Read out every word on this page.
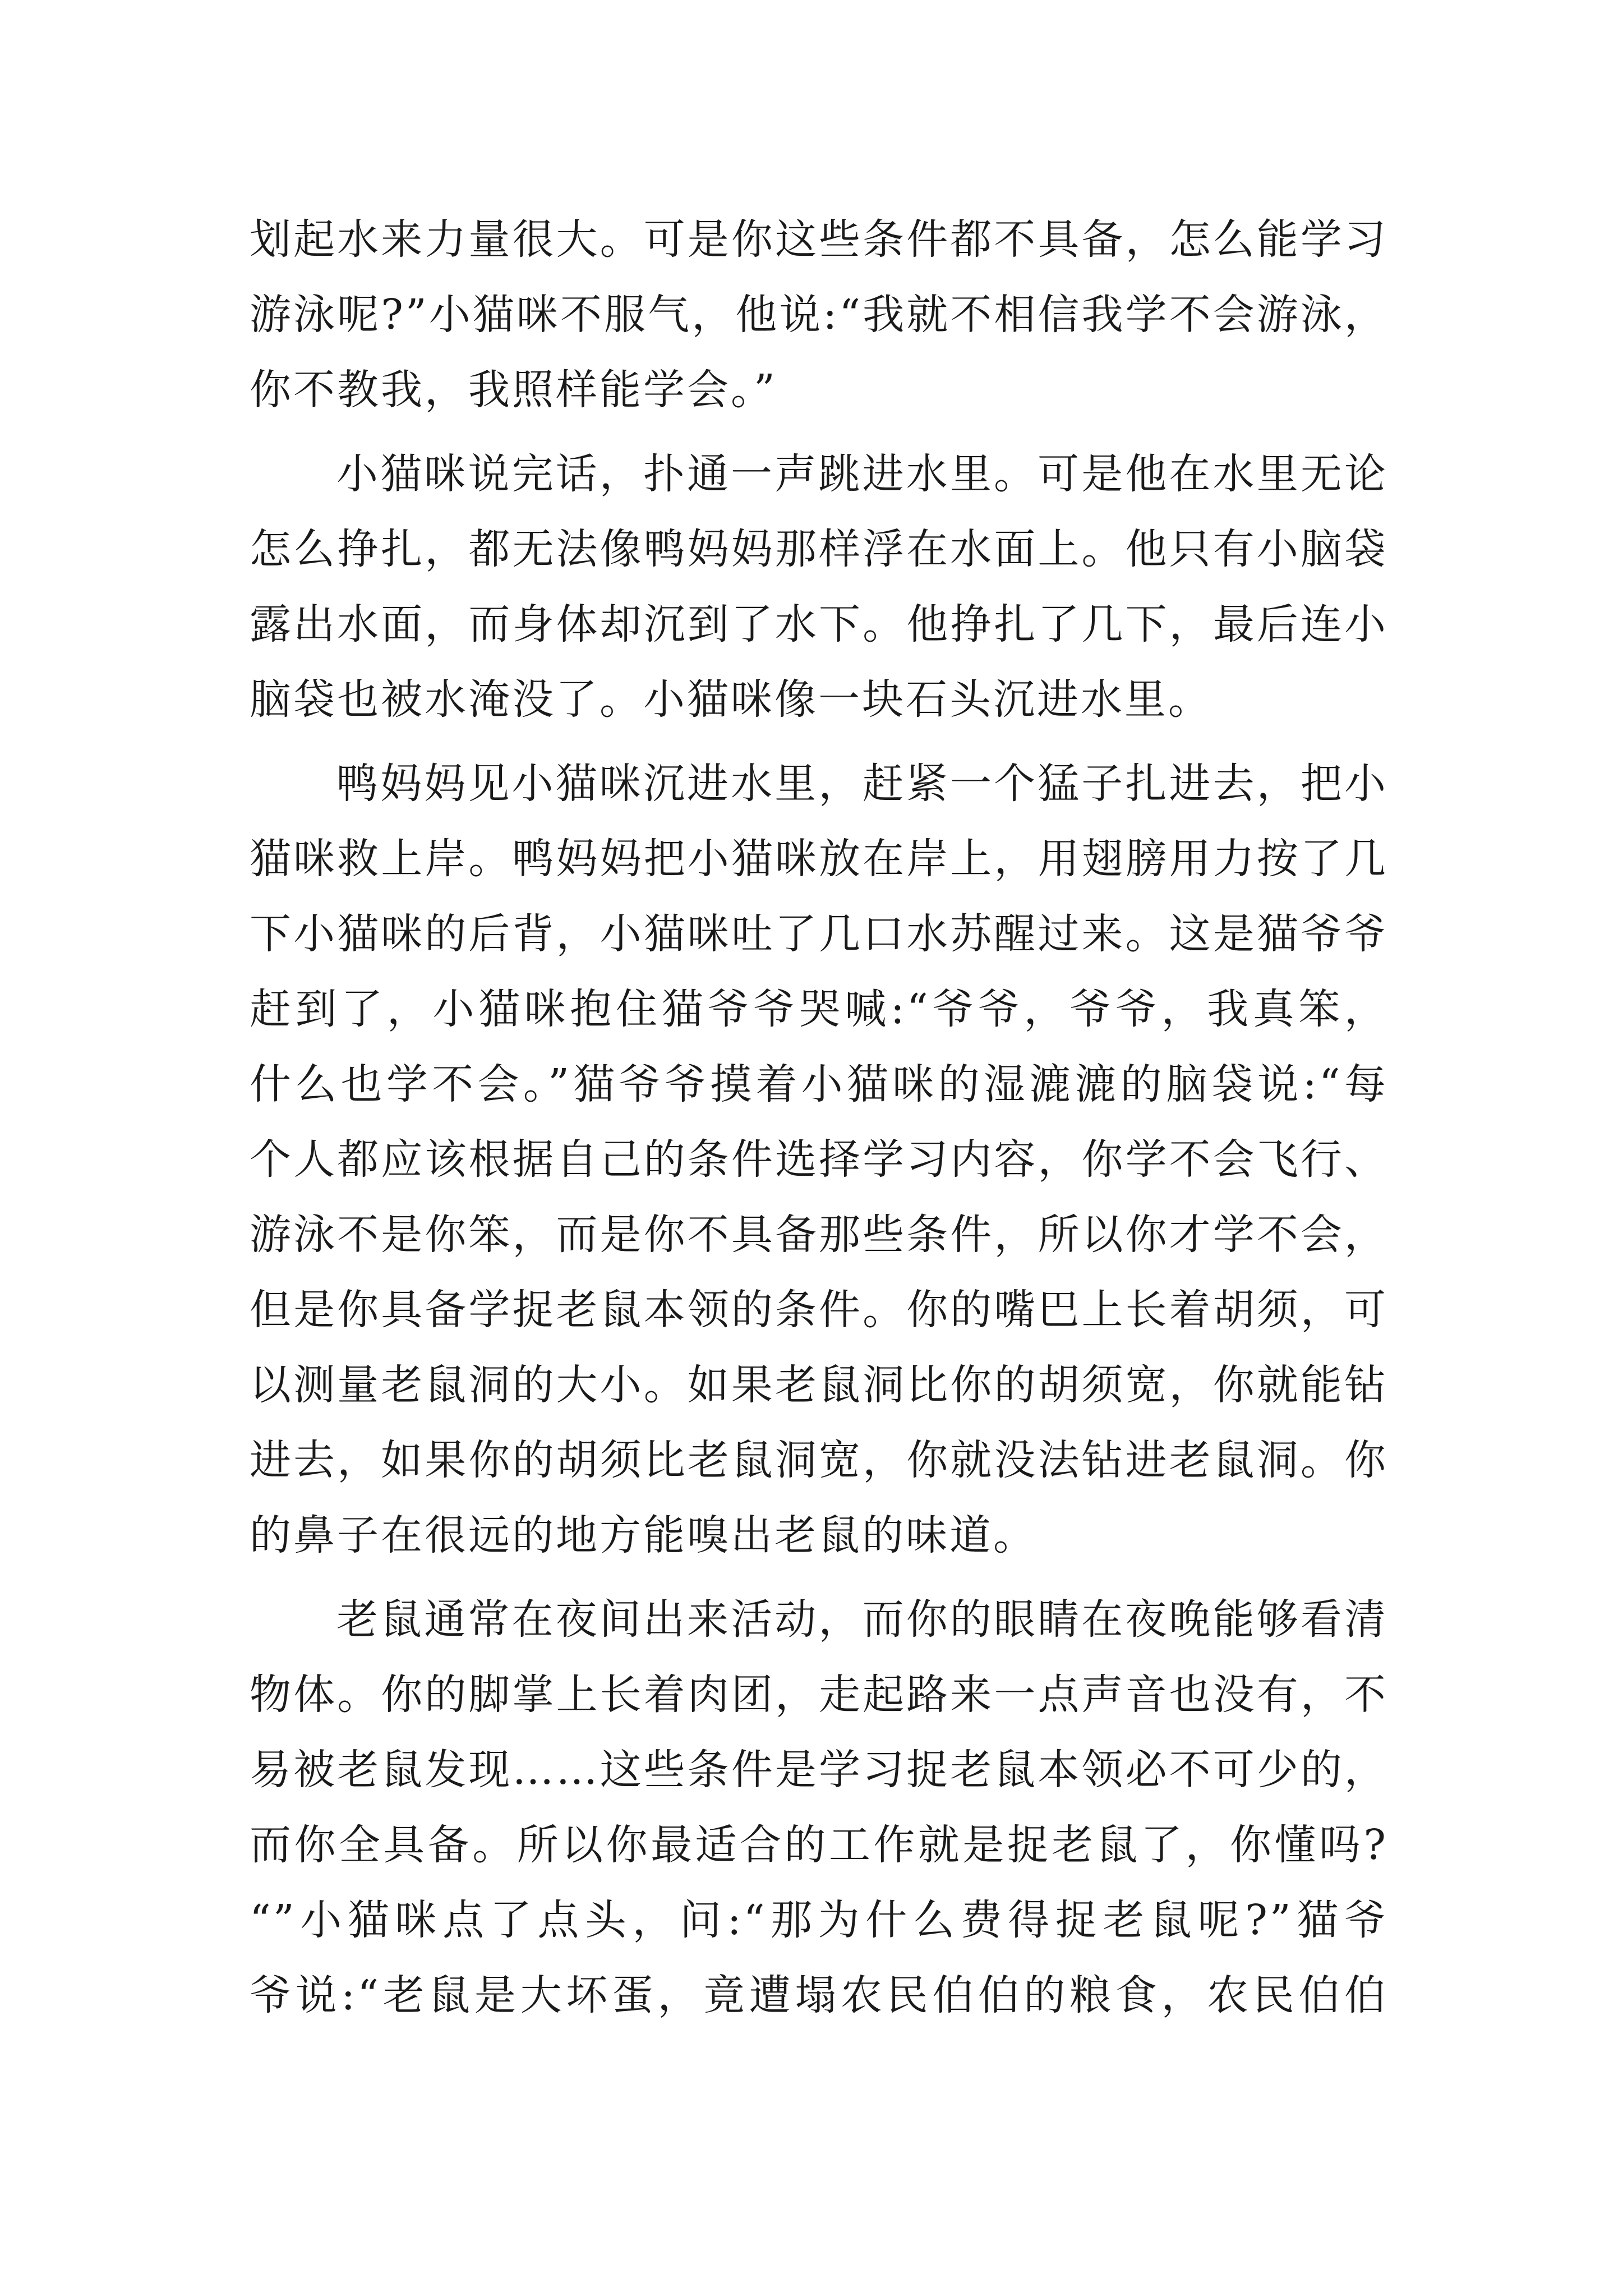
划起水来力量很大。可是你这些条件都不具备，怎么能学习
游泳呢?”小猫咪不服气，他说:“我就不相信我学不会游泳，
你不教我，我照样能学会。”
小猫咪说完话，扑通一声跳进水里。可是他在水里无论
怎么挣扎，都无法像鸭妈妈那样浮在水面上。他只有小脑袋
露出水面，而身体却沉到了水下。他挣扎了几下，最后连小
脑袋也被水淹没了。小猫咪像一块石头沉进水里。
鸭妈妈见小猫咪沉进水里，赶紧一个猛子扎进去，把小
猫咪救上岸。鸭妈妈把小猫咪放在岸上，用翅膀用力按了几
下小猫咪的后背，小猫咪吐了几口水苏醒过来。这是猫爷爷
赶到了，小猫咪抱住猫爷爷哭喊:“爷爷，爷爷，我真笨，
什么也学不会。”猫爷爷摸着小猫咪的湿漉漉的脑袋说:“每
个人都应该根据自己的条件选择学习内容，你学不会飞行、
游泳不是你笨，而是你不具备那些条件，所以你才学不会，
但是你具备学捉老鼠本领的条件。你的嘴巴上长着胡须，可
以测量老鼠洞的大小。如果老鼠洞比你的胡须宽，你就能钻
进去，如果你的胡须比老鼠洞宽，你就没法钻进老鼠洞。你
的鼻子在很远的地方能嗅出老鼠的味道。
老鼠通常在夜间出来活动，而你的眼睛在夜晚能够看清
物体。你的脚掌上长着肉团，走起路来一点声音也没有，不
易被老鼠发现……这些条件是学习捉老鼠本领必不可少的，
而你全具备。所以你最适合的工作就是捉老鼠了，你懂吗?
“”小猫咪点了点头，问:“那为什么费得捉老鼠呢?”猫爷
爷说:“老鼠是大坏蛋，竟遭塌农民伯伯的粮食，农民伯伯
